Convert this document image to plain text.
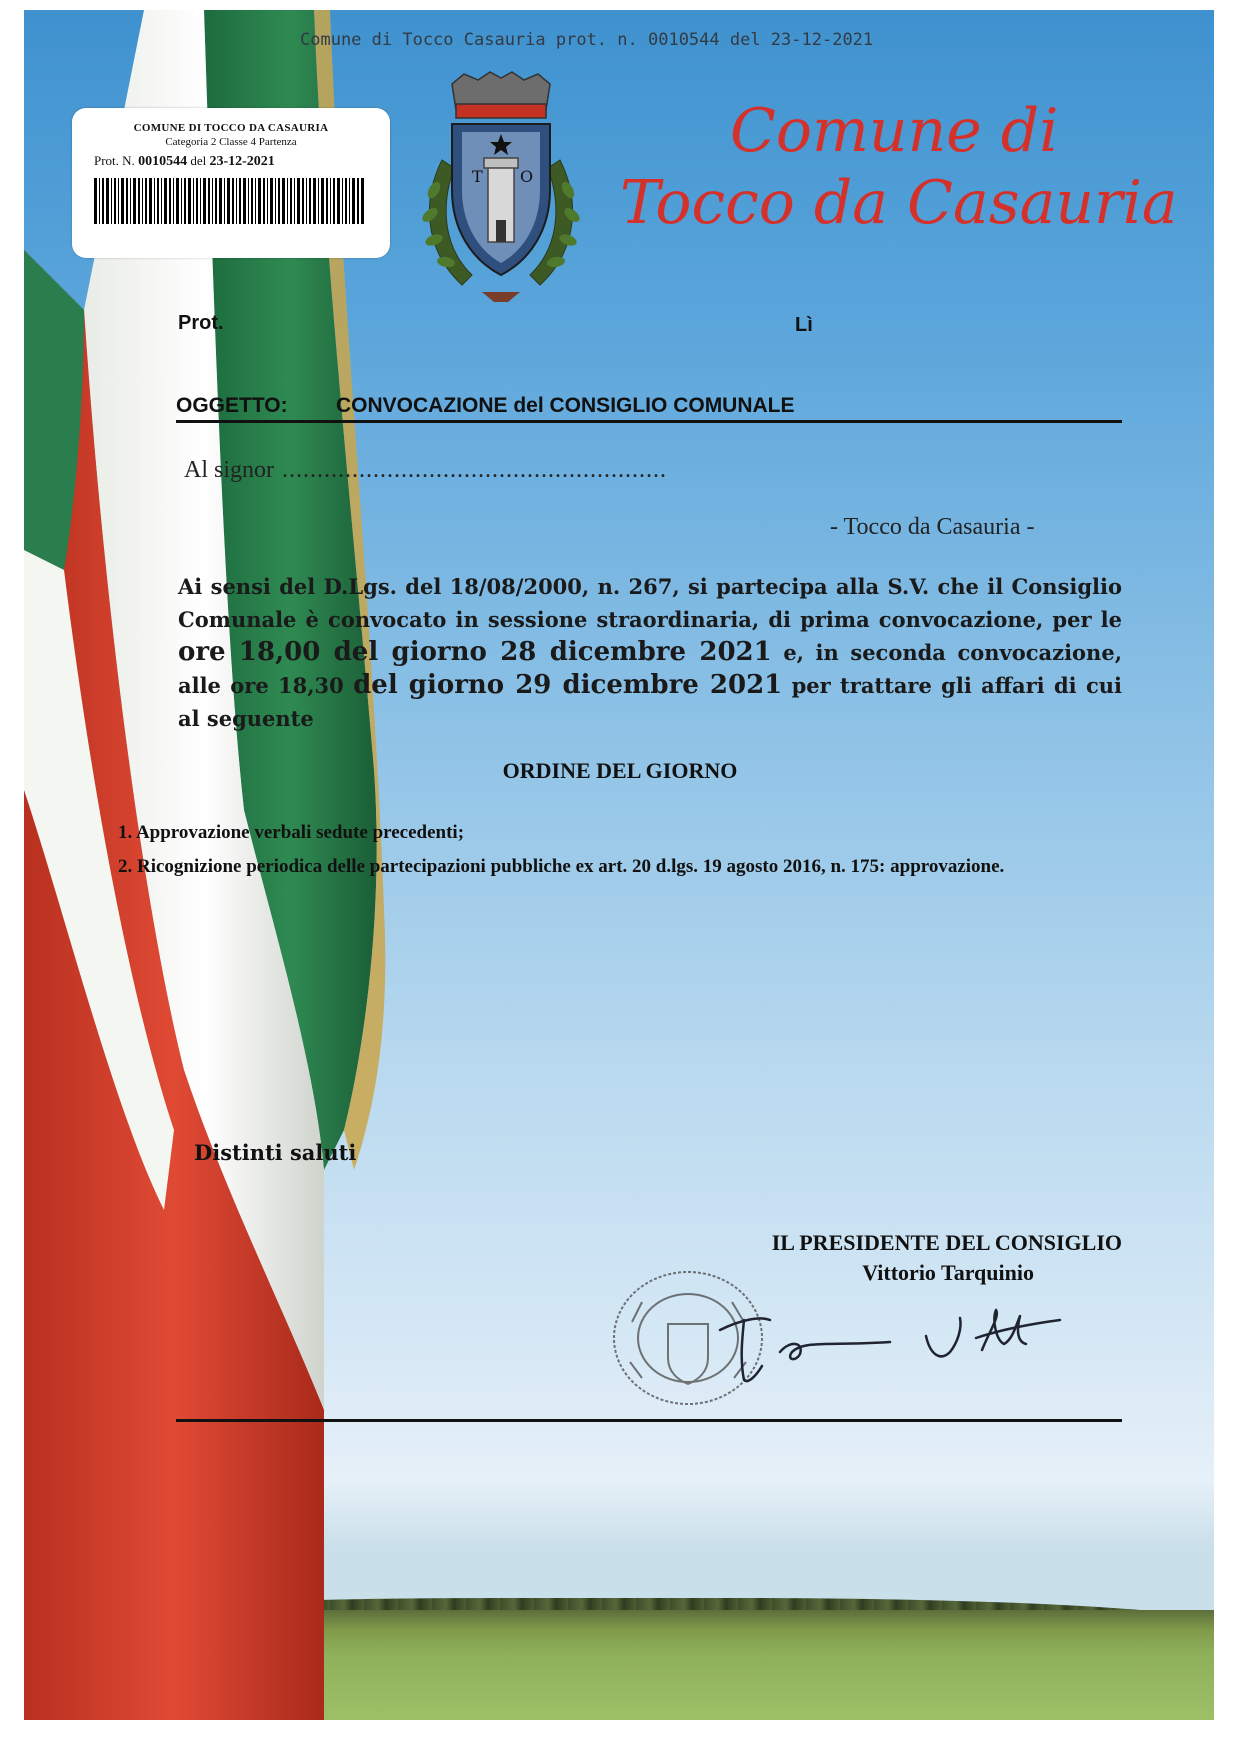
Comune di Tocco Casauria prot. n. 0010544 del 23-12-2021
COMUNE DI TOCCO DA CASAURIA
Categoria 2 Classe 4 Partenza
Prot. N. 0010544 del 23-12-2021
T O
Comune di
Tocco da Casauria
Prot.	Lì
OGGETTO: CONVOCAZIONE del CONSIGLIO COMUNALE
Al signor .......................................................
- Tocco da Casauria -
Ai sensi del D.Lgs. del 18/08/2000, n. 267, si partecipa alla S.V. che il Consiglio Comunale è convocato in sessione straordinaria, di prima convocazione, per le ore 18,00 del giorno 28 dicembre 2021 e, in seconda convocazione, alle ore 18,30 del giorno 29 dicembre 2021 per trattare gli affari di cui al seguente
ORDINE DEL GIORNO
1. Approvazione verbali sedute precedenti;
2. Ricognizione periodica delle partecipazioni pubbliche ex art. 20 d.lgs. 19 agosto 2016, n. 175: approvazione.
Distinti saluti
IL PRESIDENTE DEL CONSIGLIO
Vittorio Tarquinio
